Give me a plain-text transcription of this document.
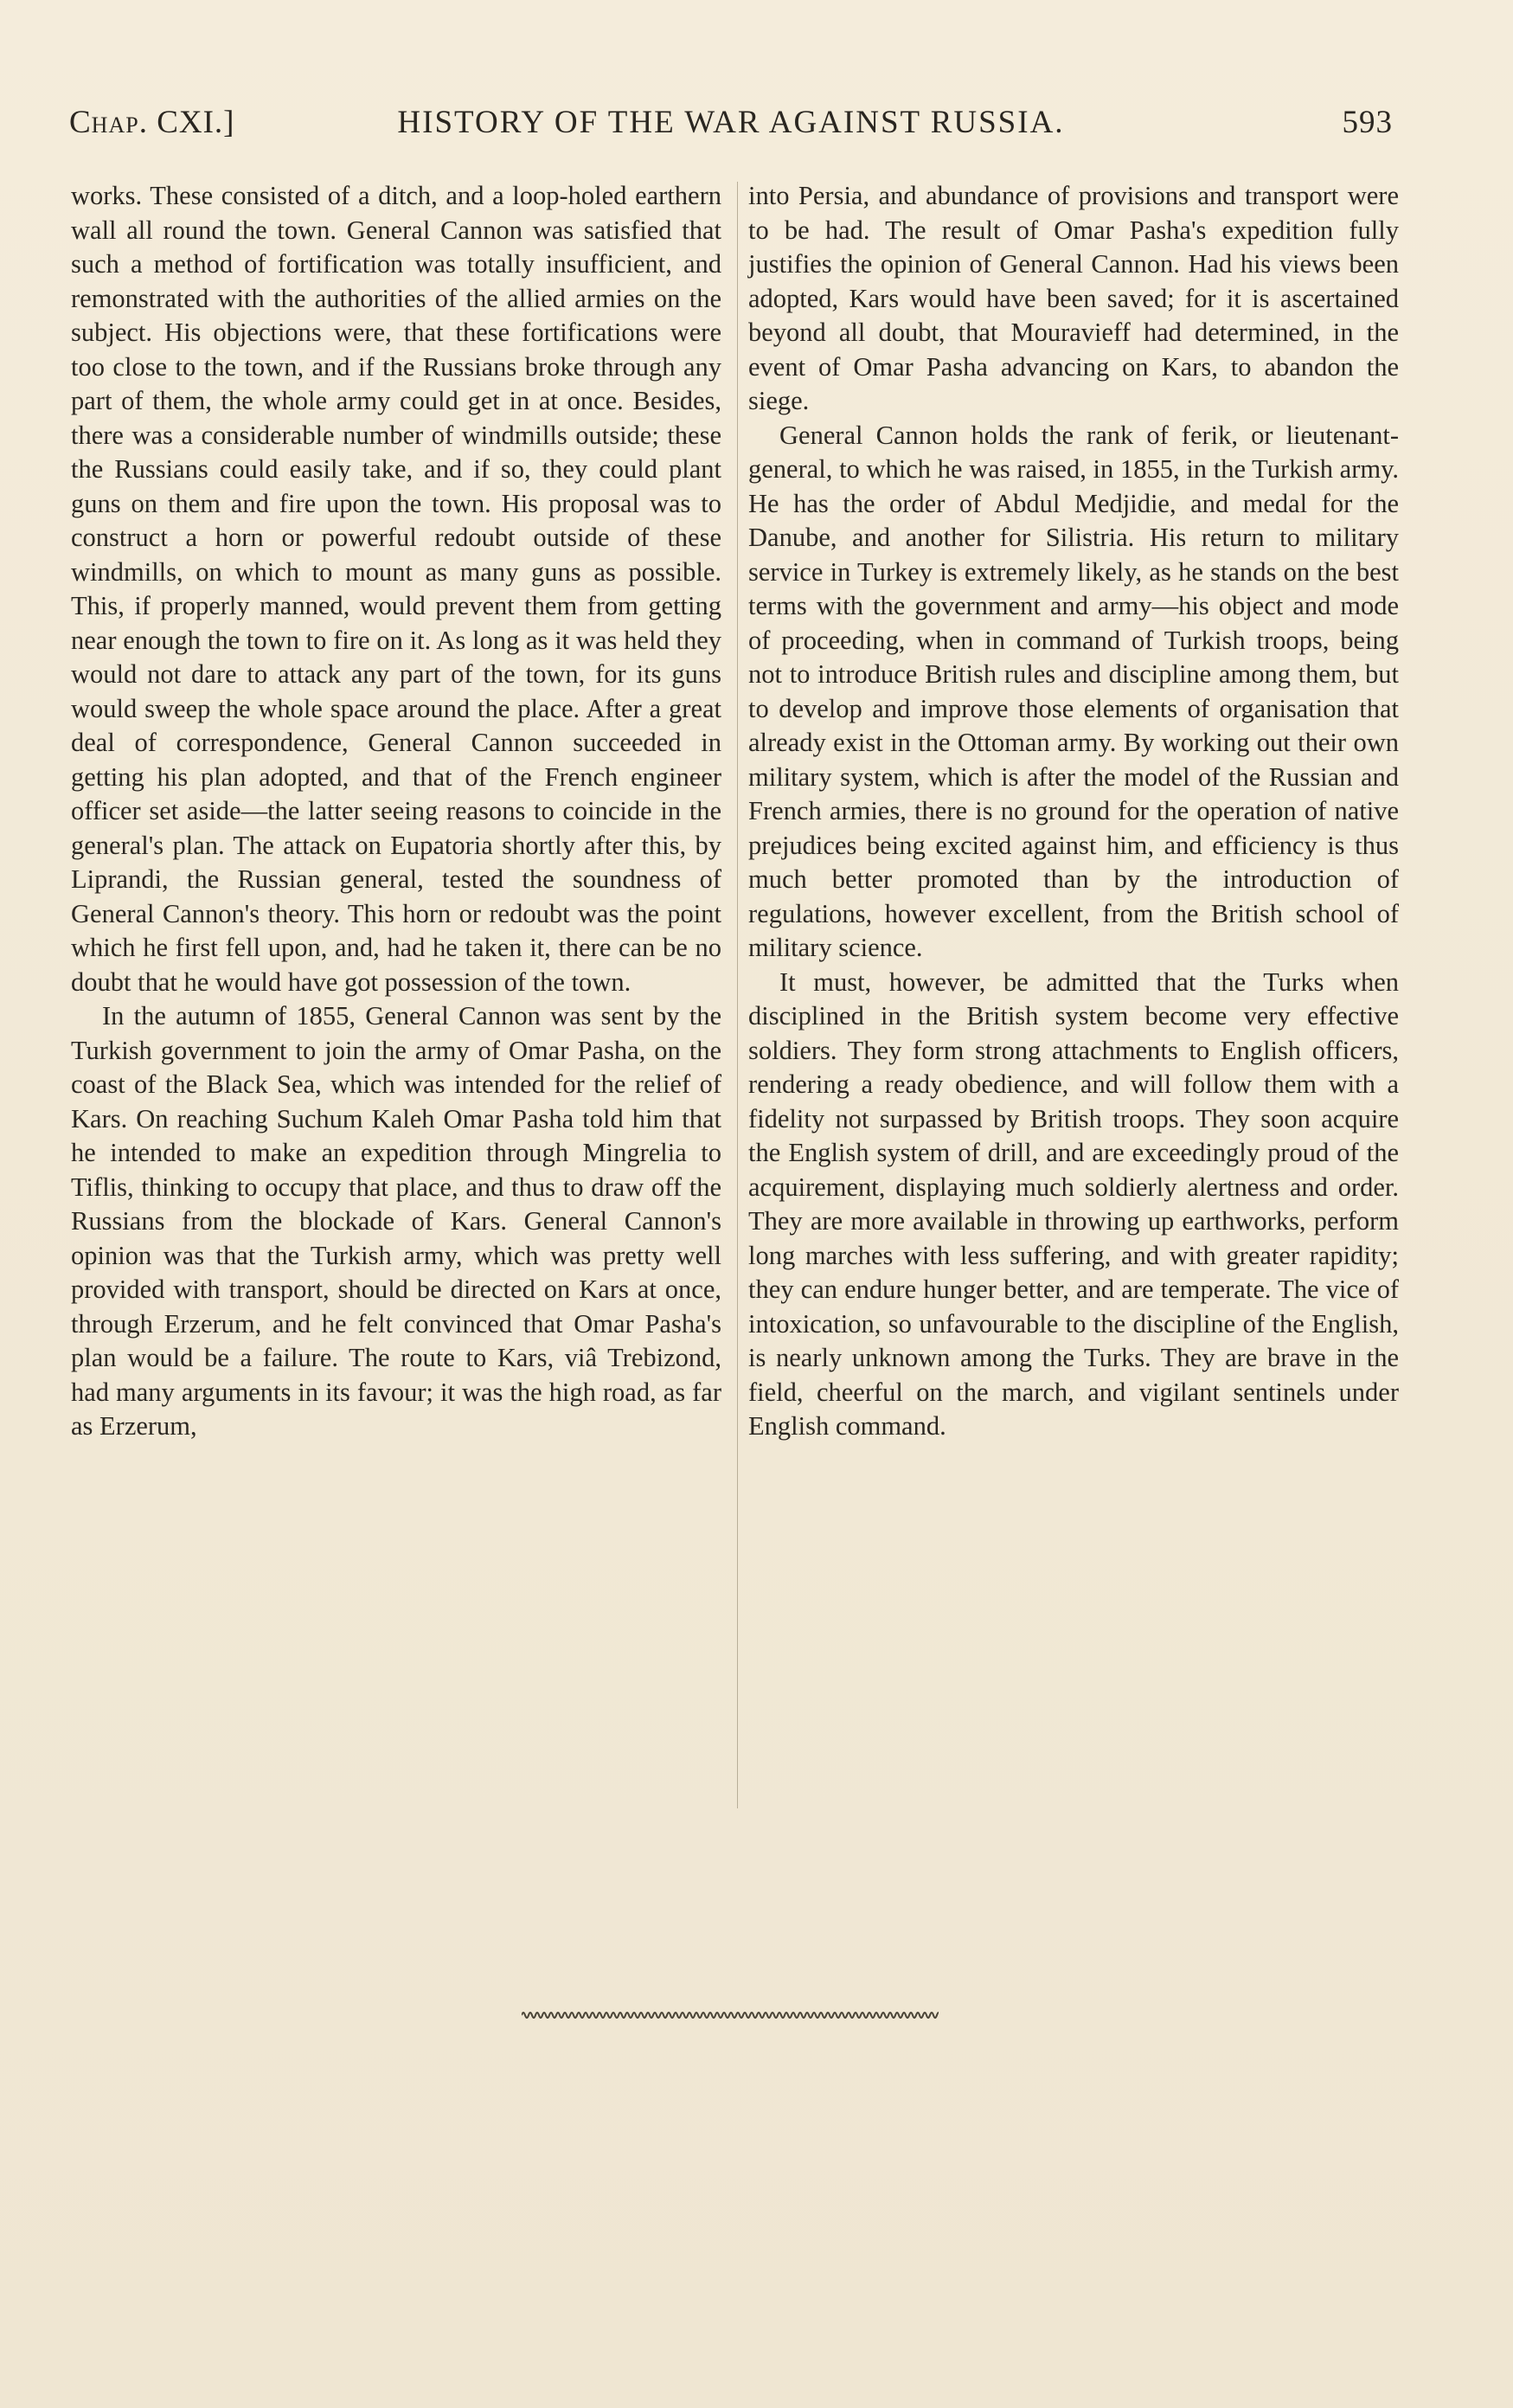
Chap. CXI.]	HISTORY OF THE WAR AGAINST RUSSIA.	593

works. These consisted of a ditch, and a loop-holed earthern wall all round the town. General Cannon was satisfied that such a method of fortification was totally insufficient, and remonstrated with the authorities of the allied armies on the subject. His objections were, that these fortifications were too close to the town, and if the Russians broke through any part of them, the whole army could get in at once. Besides, there was a considerable number of windmills outside; these the Russians could easily take, and if so, they could plant guns on them and fire upon the town. His proposal was to construct a horn or powerful redoubt outside of these windmills, on which to mount as many guns as possible. This, if properly manned, would prevent them from getting near enough the town to fire on it. As long as it was held they would not dare to attack any part of the town, for its guns would sweep the whole space around the place. After a great deal of correspondence, General Cannon succeeded in getting his plan adopted, and that of the French engineer officer set aside—the latter seeing reasons to coincide in the general's plan. The attack on Eupatoria shortly after this, by Liprandi, the Russian general, tested the soundness of General Cannon's theory. This horn or redoubt was the point which he first fell upon, and, had he taken it, there can be no doubt that he would have got possession of the town.

In the autumn of 1855, General Cannon was sent by the Turkish government to join the army of Omar Pasha, on the coast of the Black Sea, which was intended for the relief of Kars. On reaching Suchum Kaleh Omar Pasha told him that he intended to make an expedition through Mingrelia to Tiflis, thinking to occupy that place, and thus to draw off the Russians from the blockade of Kars. General Cannon's opinion was that the Turkish army, which was pretty well provided with transport, should be directed on Kars at once, through Erzerum, and he felt convinced that Omar Pasha's plan would be a failure. The route to Kars, viâ Trebizond, had many arguments in its favour; it was the high road, as far as Erzerum,

into Persia, and abundance of provisions and transport were to be had. The result of Omar Pasha's expedition fully justifies the opinion of General Cannon. Had his views been adopted, Kars would have been saved; for it is ascertained beyond all doubt, that Mouravieff had determined, in the event of Omar Pasha advancing on Kars, to abandon the siege.

General Cannon holds the rank of ferik, or lieutenant-general, to which he was raised, in 1855, in the Turkish army. He has the order of Abdul Medjidie, and medal for the Danube, and another for Silistria. His return to military service in Turkey is extremely likely, as he stands on the best terms with the government and army—his object and mode of proceeding, when in command of Turkish troops, being not to introduce British rules and discipline among them, but to develop and improve those elements of organisation that already exist in the Ottoman army. By working out their own military system, which is after the model of the Russian and French armies, there is no ground for the operation of native prejudices being excited against him, and efficiency is thus much better promoted than by the introduction of regulations, however excellent, from the British school of military science.

It must, however, be admitted that the Turks when disciplined in the British system become very effective soldiers. They form strong attachments to English officers, rendering a ready obedience, and will follow them with a fidelity not surpassed by British troops. They soon acquire the English system of drill, and are exceedingly proud of the acquirement, displaying much soldierly alertness and order. They are more available in throwing up earthworks, perform long marches with less suffering, and with greater rapidity; they can endure hunger better, and are temperate. The vice of intoxication, so unfavourable to the discipline of the English, is nearly unknown among the Turks. They are brave in the field, cheerful on the march, and vigilant sentinels under English command.
